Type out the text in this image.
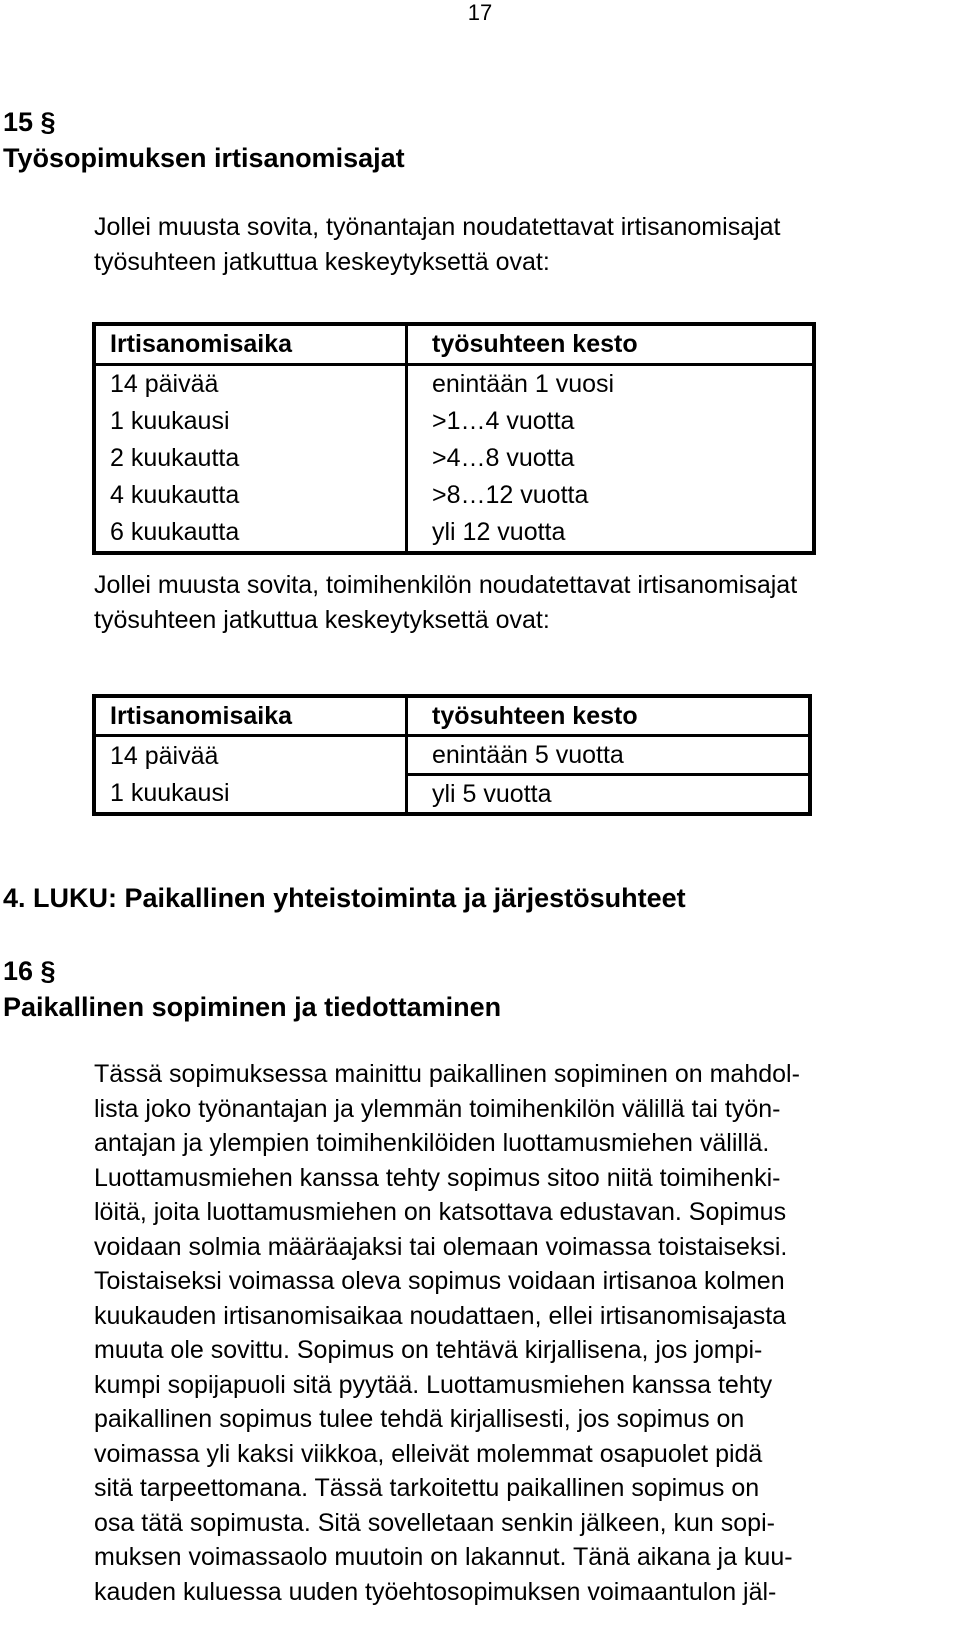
17
15 §
Työsopimuksen irtisanomisajat
Jollei muusta sovita, työnantajan noudatettavat irtisanomisajat
työsuhteen jatkuttua keskeytyksettä ovat:
Irtisanomisaika	työsuhteen kesto
14 päivää	enintään 1 vuosi
1 kuukausi	>1…4 vuotta
2 kuukautta	>4…8 vuotta
4 kuukautta	>8…12 vuotta
6 kuukautta	yli 12 vuotta
Jollei muusta sovita, toimihenkilön noudatettavat irtisanomisajat
työsuhteen jatkuttua keskeytyksettä ovat:
Irtisanomisaika	työsuhteen kesto
14 päivää	enintään 5 vuotta
1 kuukausi	yli 5 vuotta
4. LUKU: Paikallinen yhteistoiminta ja järjestösuhteet
16 §
Paikallinen sopiminen ja tiedottaminen
Tässä sopimuksessa mainittu paikallinen sopiminen on mahdol-
lista joko työnantajan ja ylemmän toimihenkilön välillä tai työn-
antajan ja ylempien toimihenkilöiden luottamusmiehen välillä.
Luottamusmiehen kanssa tehty sopimus sitoo niitä toimihenki-
löitä, joita luottamusmiehen on katsottava edustavan. Sopimus
voidaan solmia määräajaksi tai olemaan voimassa toistaiseksi.
Toistaiseksi voimassa oleva sopimus voidaan irtisanoa kolmen
kuukauden irtisanomisaikaa noudattaen, ellei irtisanomisajasta
muuta ole sovittu. Sopimus on tehtävä kirjallisena, jos jompi-
kumpi sopijapuoli sitä pyytää. Luottamusmiehen kanssa tehty
paikallinen sopimus tulee tehdä kirjallisesti, jos sopimus on
voimassa yli kaksi viikkoa, elleivät molemmat osapuolet pidä
sitä tarpeettomana. Tässä tarkoitettu paikallinen sopimus on
osa tätä sopimusta. Sitä sovelletaan senkin jälkeen, kun sopi-
muksen voimassaolo muutoin on lakannut. Tänä aikana ja kuu-
kauden kuluessa uuden työehtosopimuksen voimaantulon jäl-
